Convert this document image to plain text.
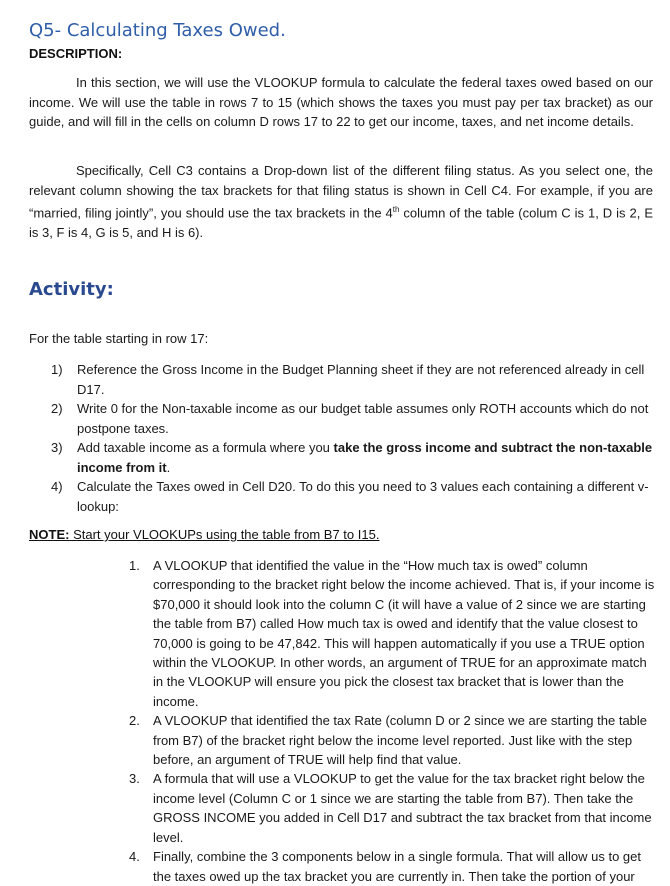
Q5- Calculating Taxes Owed.
DESCRIPTION:
In this section, we will use the VLOOKUP formula to calculate the federal taxes owed based on our income. We will use the table in rows 7 to 15 (which shows the taxes you must pay per tax bracket) as our guide, and will fill in the cells on column D rows 17 to 22 to get our income, taxes, and net income details.
Specifically, Cell C3 contains a Drop-down list of the different filing status. As you select one, the relevant column showing the tax brackets for that filing status is shown in Cell C4. For example, if you are “married, filing jointly”, you should use the tax brackets in the 4th column of the table (colum C is 1, D is 2, E is 3, F is 4, G is 5, and H is 6).
Activity:
For the table starting in row 17:
1) Reference the Gross Income in the Budget Planning sheet if they are not referenced already in cell D17.
2) Write 0 for the Non-taxable income as our budget table assumes only ROTH accounts which do not postpone taxes.
3) Add taxable income as a formula where you take the gross income and subtract the non-taxable income from it.
4) Calculate the Taxes owed in Cell D20. To do this you need to 3 values each containing a different v-lookup:
NOTE: Start your VLOOKUPs using the table from B7 to I15.
1. A VLOOKUP that identified the value in the “How much tax is owed” column corresponding to the bracket right below the income achieved. That is, if your income is $70,000 it should look into the column C (it will have a value of 2 since we are starting the table from B7) called How much tax is owed and identify that the value closest to 70,000 is going to be 47,842. This will happen automatically if you use a TRUE option within the VLOOKUP. In other words, an argument of TRUE for an approximate match in the VLOOKUP will ensure you pick the closest tax bracket that is lower than the income.
2. A VLOOKUP that identified the tax Rate (column D or 2 since we are starting the table from B7) of the bracket right below the income level reported. Just like with the step before, an argument of TRUE will help find that value.
3. A formula that will use a VLOOKUP to get the value for the tax bracket right below the income level (Column C or 1 since we are starting the table from B7). Then take the GROSS INCOME you added in Cell D17 and subtract the tax bracket from that income level.
4. Finally, combine the 3 components below in a single formula. That will allow us to get the taxes owed up the tax bracket you are currently in. Then take the portion of your
